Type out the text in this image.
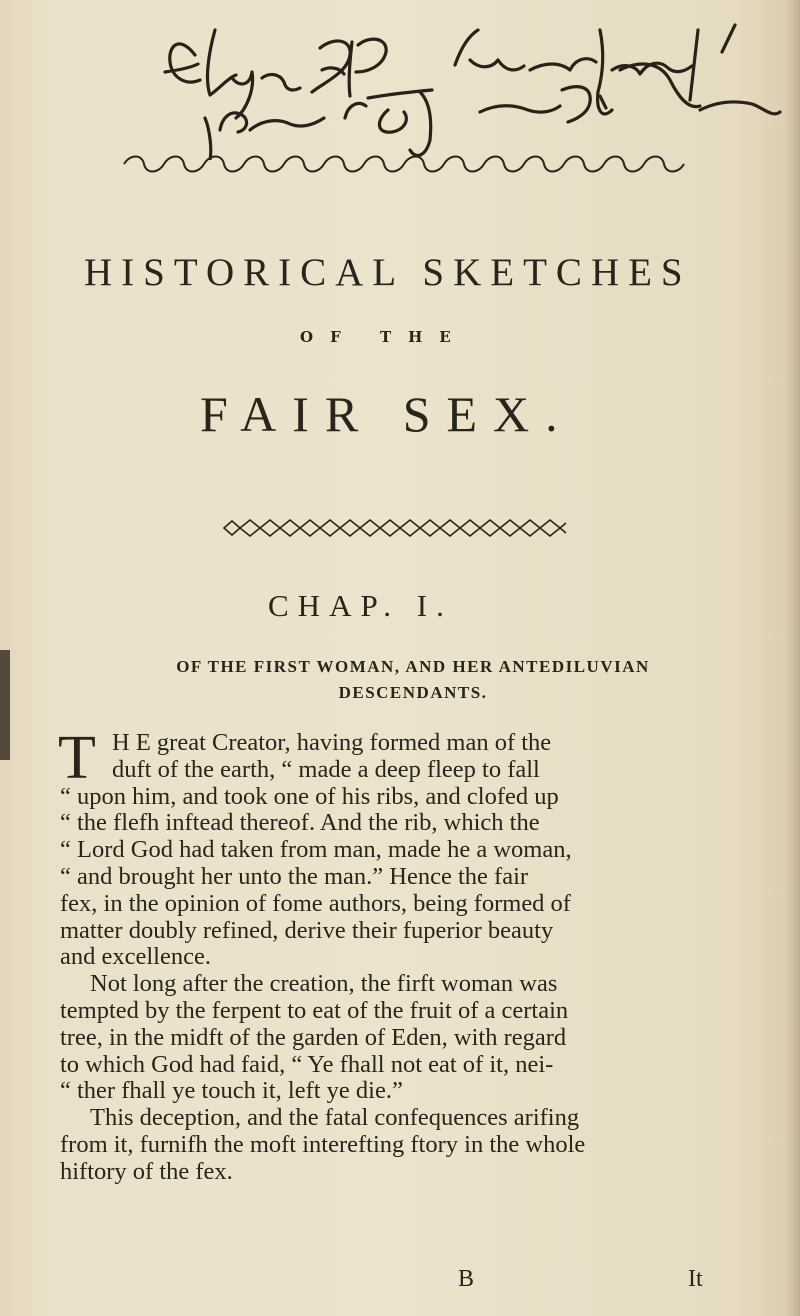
HISTORICAL SKETCHES
OF THE
FAIR SEX.
CHAP. I.
OF THE FIRST WOMAN, AND HER ANTEDILUVIAN
DESCENDANTS.
T H E great Creator, having formed man of the
duft of the earth, “ made a deep fleep to fall
“ upon him, and took one of his ribs, and clofed up
“ the flefh inftead thereof. And the rib, which the
“ Lord God had taken from man, made he a woman,
“ and brought her unto the man.” Hence the fair
fex, in the opinion of fome authors, being formed of
matter doubly refined, derive their fuperior beauty
and excellence.
Not long after the creation, the firft woman was
tempted by the ferpent to eat of the fruit of a certain
tree, in the midft of the garden of Eden, with regard
to which God had faid, “ Ye fhall not eat of it, nei-
“ ther fhall ye touch it, left ye die.”
This deception, and the fatal confequences arifing
from it, furnifh the moft interefting ftory in the whole
hiftory of the fex.
B	It
